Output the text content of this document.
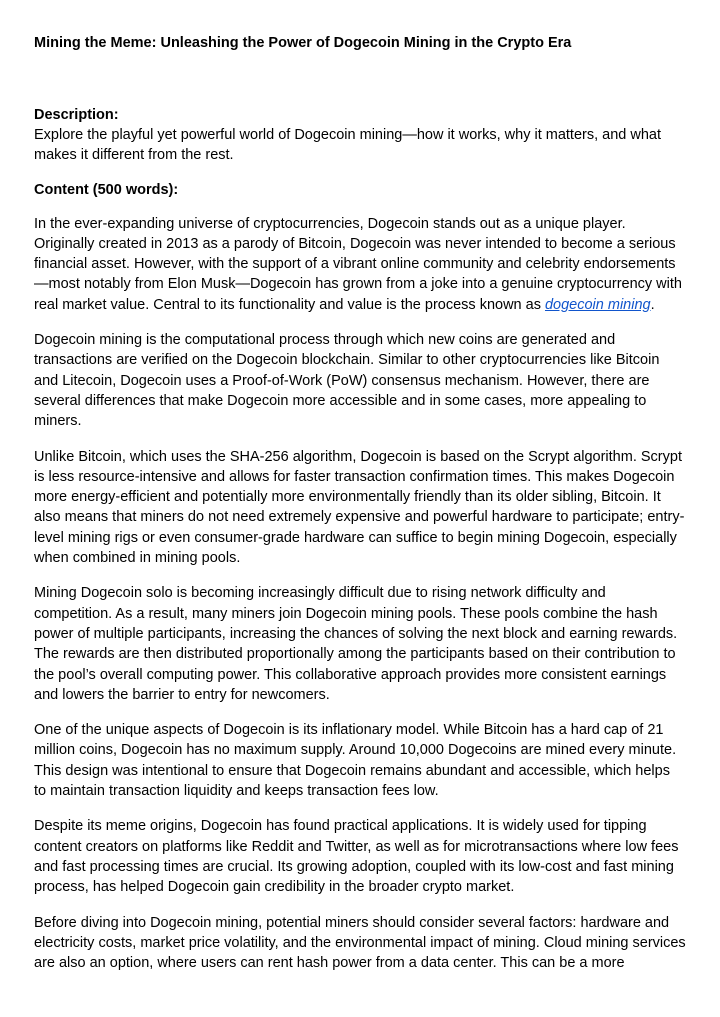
Mining the Meme: Unleashing the Power of Dogecoin Mining in the Crypto Era

Description:

Explore the playful yet powerful world of Dogecoin mining—how it works, why it matters, and what makes it different from the rest.

Content (500 words):

In the ever-expanding universe of cryptocurrencies, Dogecoin stands out as a unique player. Originally created in 2013 as a parody of Bitcoin, Dogecoin was never intended to become a serious financial asset. However, with the support of a vibrant online community and celebrity endorsements—most notably from Elon Musk—Dogecoin has grown from a joke into a genuine cryptocurrency with real market value. Central to its functionality and value is the process known as dogecoin mining.

Dogecoin mining is the computational process through which new coins are generated and transactions are verified on the Dogecoin blockchain. Similar to other cryptocurrencies like Bitcoin and Litecoin, Dogecoin uses a Proof-of-Work (PoW) consensus mechanism. However, there are several differences that make Dogecoin more accessible and in some cases, more appealing to miners.

Unlike Bitcoin, which uses the SHA-256 algorithm, Dogecoin is based on the Scrypt algorithm. Scrypt is less resource-intensive and allows for faster transaction confirmation times. This makes Dogecoin more energy-efficient and potentially more environmentally friendly than its older sibling, Bitcoin. It also means that miners do not need extremely expensive and powerful hardware to participate; entry-level mining rigs or even consumer-grade hardware can suffice to begin mining Dogecoin, especially when combined in mining pools.

Mining Dogecoin solo is becoming increasingly difficult due to rising network difficulty and competition. As a result, many miners join Dogecoin mining pools. These pools combine the hash power of multiple participants, increasing the chances of solving the next block and earning rewards. The rewards are then distributed proportionally among the participants based on their contribution to the pool’s overall computing power. This collaborative approach provides more consistent earnings and lowers the barrier to entry for newcomers.

One of the unique aspects of Dogecoin is its inflationary model. While Bitcoin has a hard cap of 21 million coins, Dogecoin has no maximum supply. Around 10,000 Dogecoins are mined every minute. This design was intentional to ensure that Dogecoin remains abundant and accessible, which helps to maintain transaction liquidity and keeps transaction fees low.

Despite its meme origins, Dogecoin has found practical applications. It is widely used for tipping content creators on platforms like Reddit and Twitter, as well as for microtransactions where low fees and fast processing times are crucial. Its growing adoption, coupled with its low-cost and fast mining process, has helped Dogecoin gain credibility in the broader crypto market.

Before diving into Dogecoin mining, potential miners should consider several factors: hardware and electricity costs, market price volatility, and the environmental impact of mining. Cloud mining services are also an option, where users can rent hash power from a data center. This can be a more
